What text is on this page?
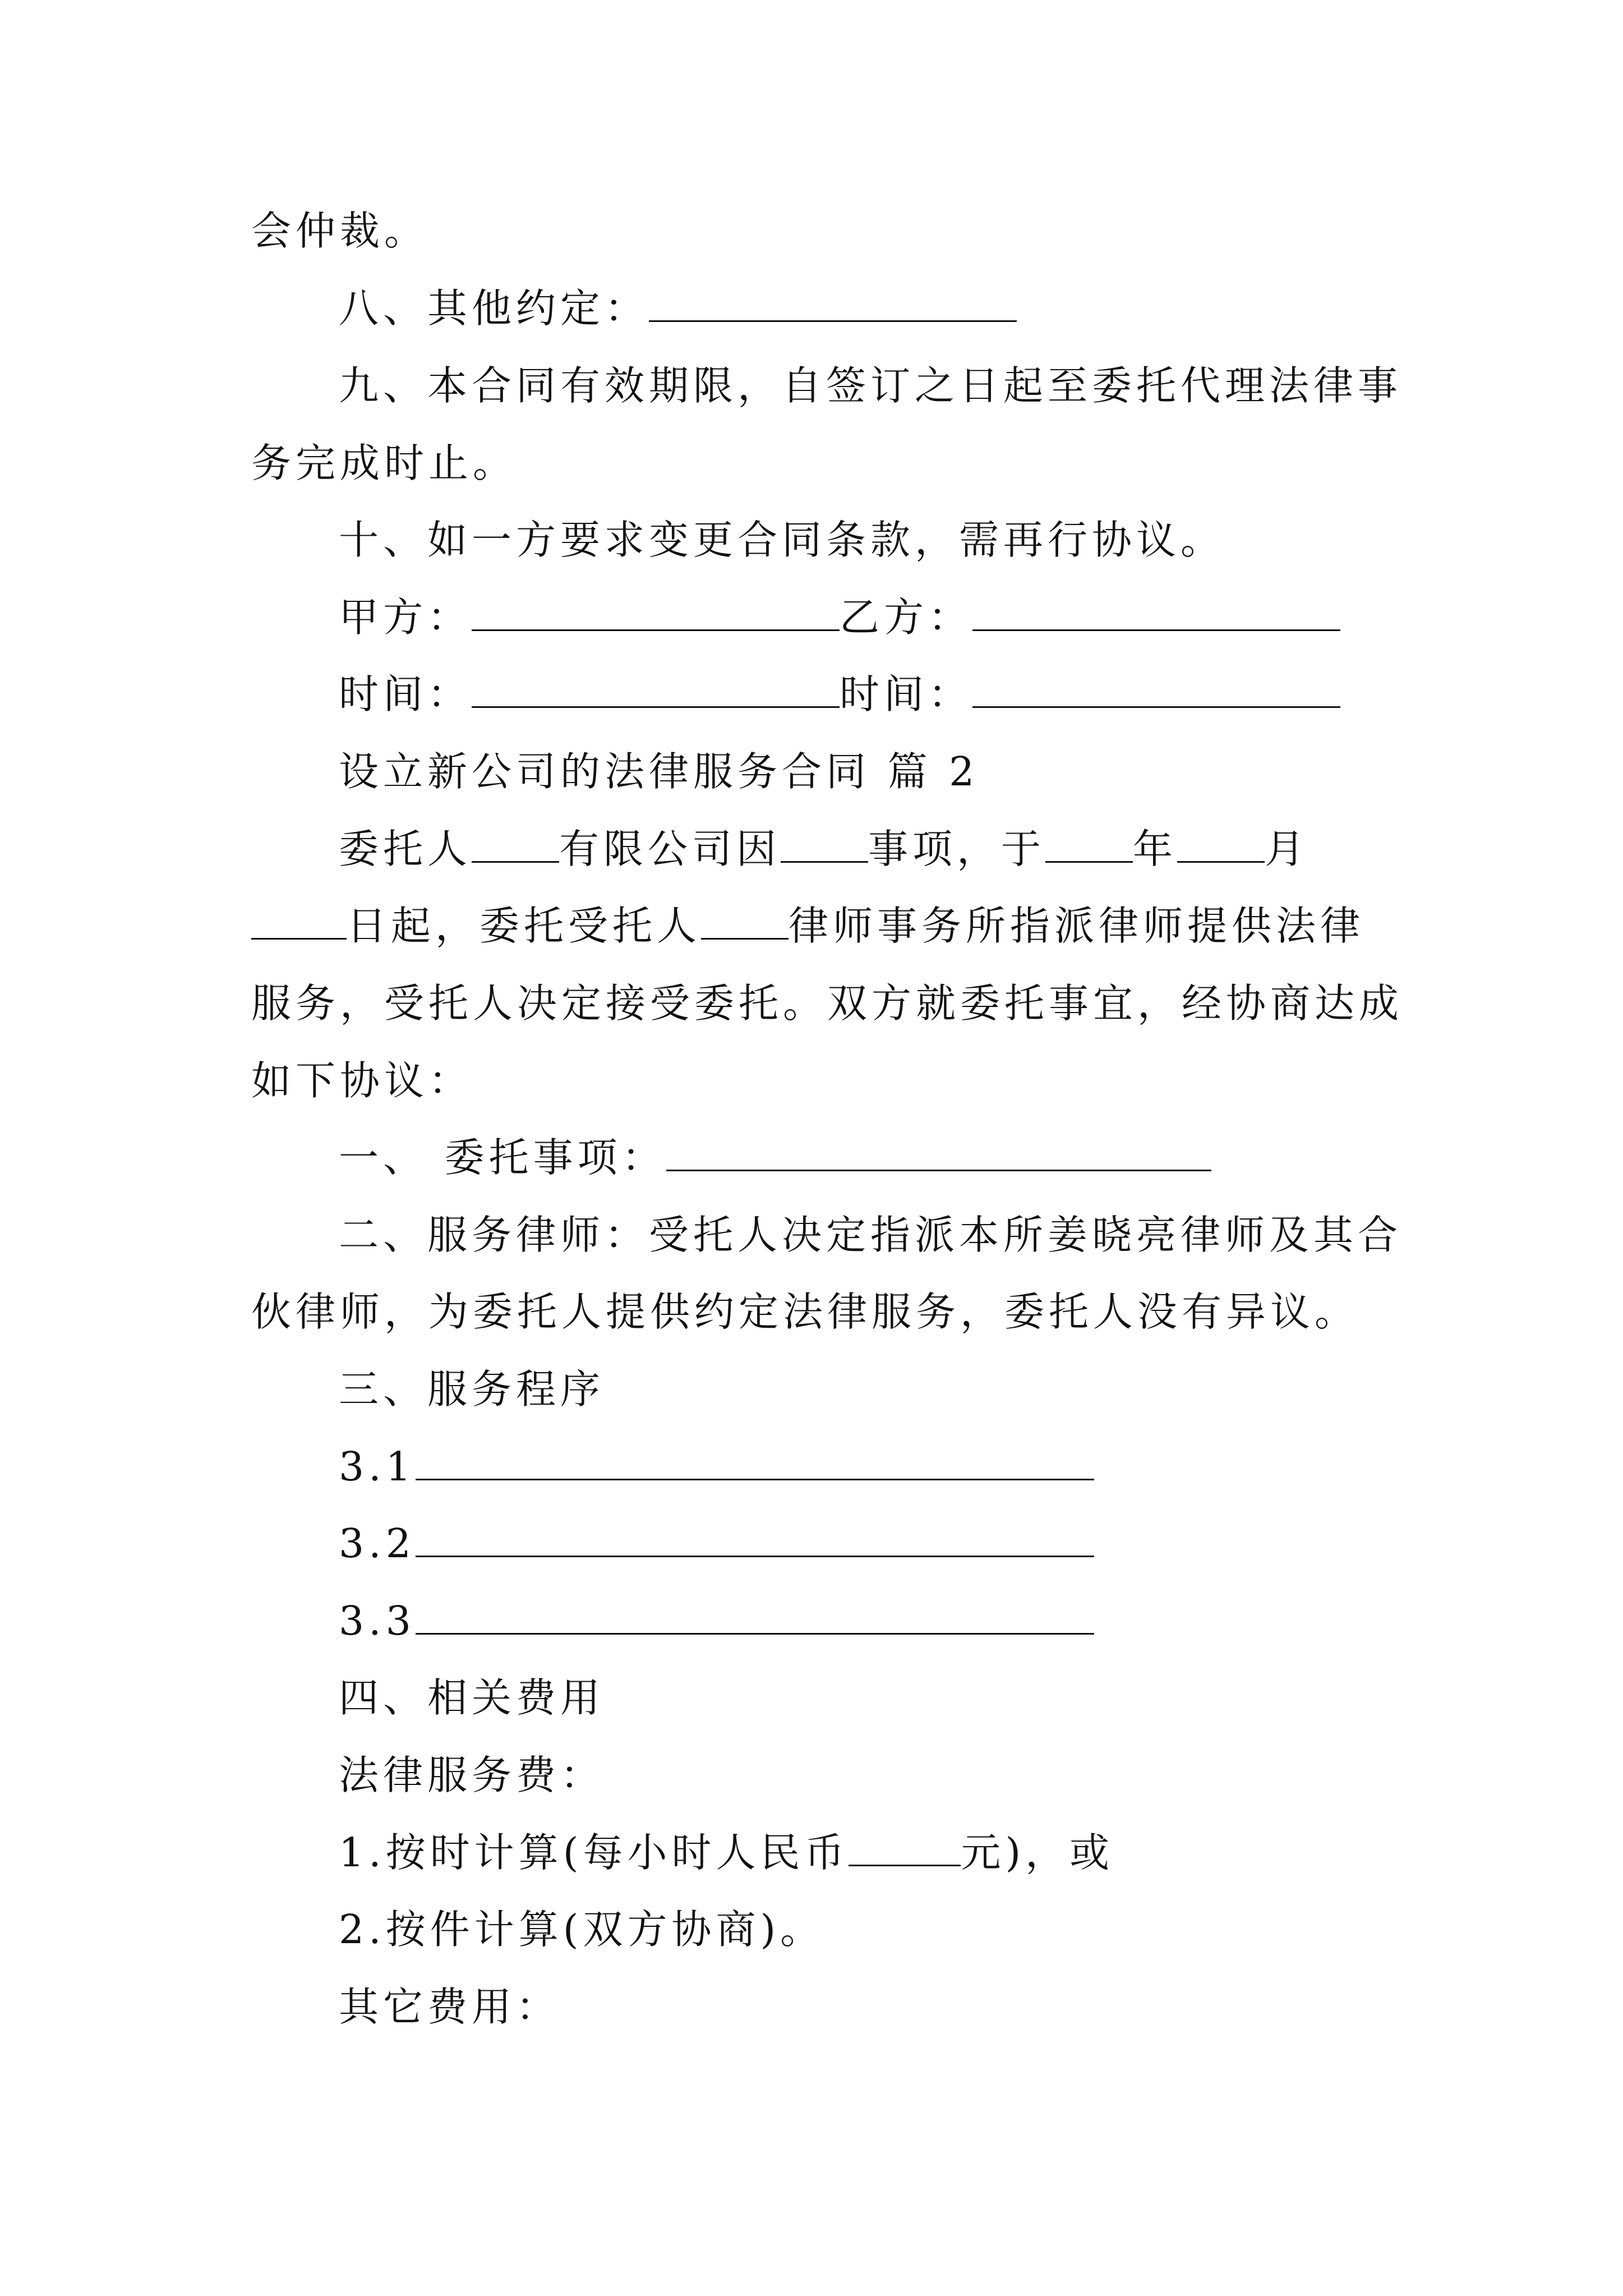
会仲裁。
八、其他约定：
九、本合同有效期限，自签订之日起至委托代理法律事
务完成时止。
十、如一方要求变更合同条款，需再行协议。
甲方：	乙方：
时间：	时间：
设立新公司的法律服务合同 篇 2
委托人 有限公司因 事项，于 年 月
日起，委托受托人 律师事务所指派律师提供法律
服务，受托人决定接受委托。双方就委托事宜，经协商达成
如下协议：
一、 委托事项：
二、服务律师：受托人决定指派本所姜晓亮律师及其合
伙律师，为委托人提供约定法律服务，委托人没有异议。
三、服务程序
3.1
3.2
3.3
四、相关费用
法律服务费：
1.按时计算(每小时人民币	元)，或
2.按件计算(双方协商)。
其它费用：
